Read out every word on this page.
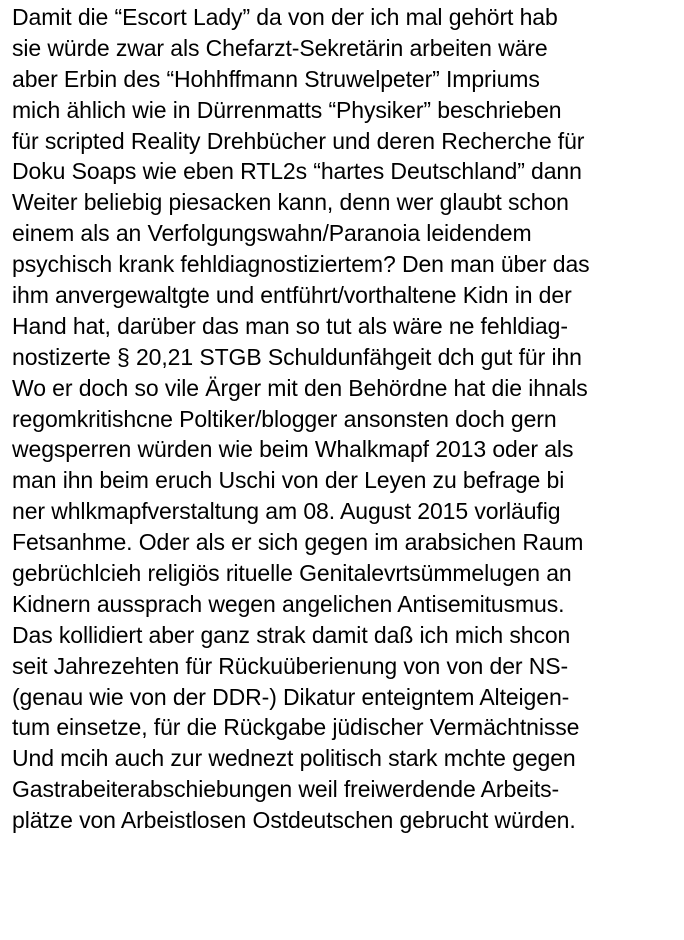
Damit die “Escort Lady” da von der ich mal gehört hab
sie würde zwar als Chefarzt-Sekretärin arbeiten wäre
aber Erbin des “Hohhffmann Struwelpeter” Impriums
mich ählich wie in Dürrenmatts “Physiker” beschrieben
für scripted Reality Drehbücher und deren Recherche für
Doku Soaps wie eben RTL2s “hartes Deutschland” dann
Weiter beliebig piesacken kann, denn wer glaubt schon
einem als an Verfolgungswahn/Paranoia leidendem
psychisch krank fehldiagnostiziertem? Den man über das
ihm anvergewaltgte und entführt/vorthaltene Kidn in der
Hand hat, darüber das man so tut als wäre ne fehldiag-
nostizerte § 20,21 STGB Schuldunfähgeit dch gut für ihn
Wo er doch so vile Ärger mit den Behördne hat die ihnals
regomkritishcne Poltiker/blogger ansonsten doch gern
wegsperren würden wie beim Whalkmapf 2013 oder als
man ihn beim eruch Uschi von der Leyen zu befrage bi
ner whlkmapfverstaltung am 08. August 2015 vorläufig
Fetsanhme. Oder als er sich gegen im arabsichen Raum
gebrüchlcieh religiös rituelle Genitalevrtsümmelugen an
Kidnern aussprach wegen angelichen Antisemitusmus.
Das kollidiert aber ganz strak damit daß ich mich shcon
seit Jahrezehten für Rückuüberienung von von der NS-
(genau wie von der DDR-) Dikatur enteigntem Alteigen-
tum einsetze, für die Rückgabe jüdischer Vermächtnisse
Und mcih auch zur wednezt politisch stark mchte gegen
Gastrabeiterabschiebungen weil freiwerdende Arbeits-
plätze von Arbeistlosen Ostdeutschen gebrucht würden.
